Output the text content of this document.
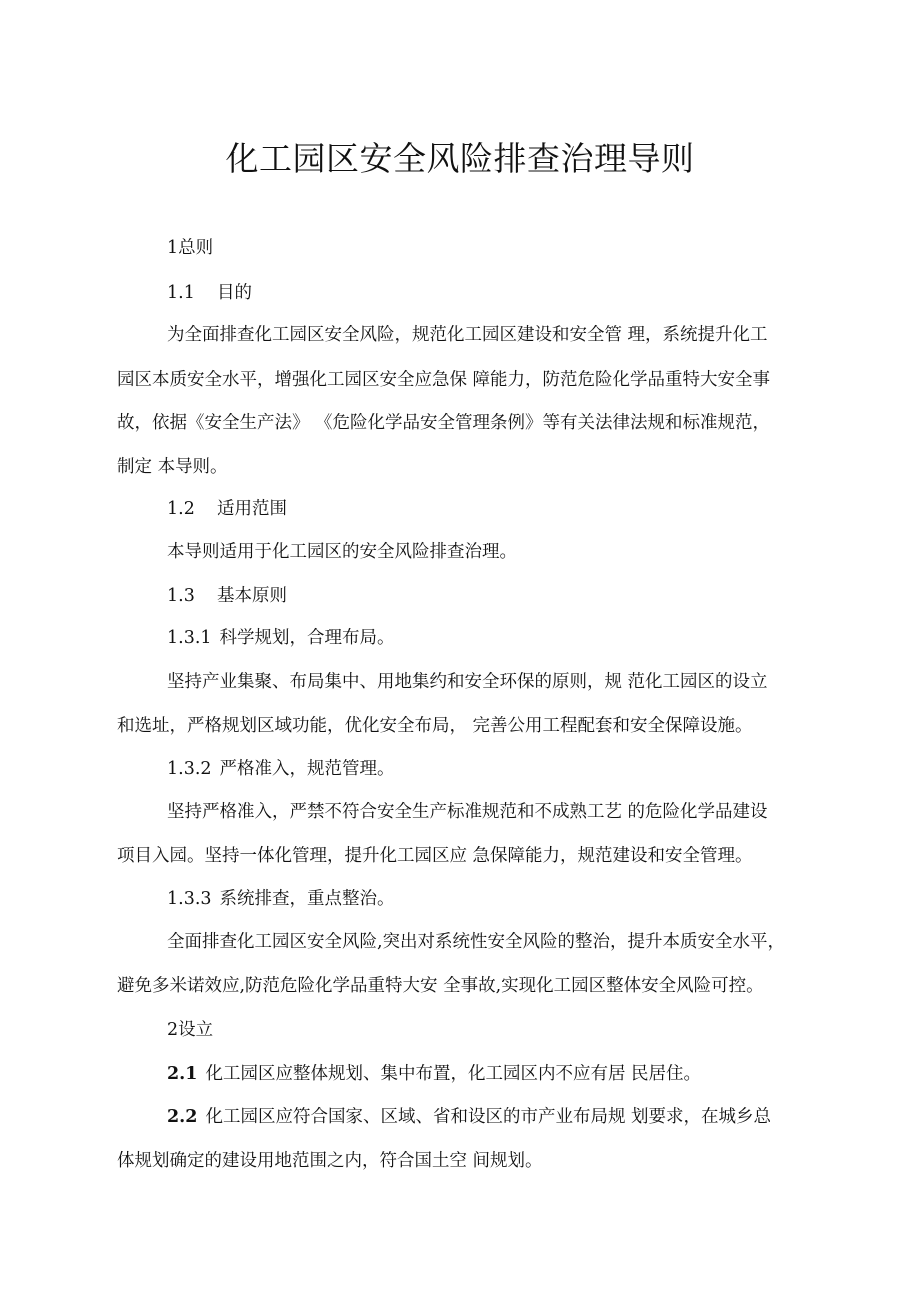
化工园区安全风险排查治理导则
1总则
1.1 目的
为全面排查化工园区安全风险，规范化工园区建设和安全管 理，系统提升化工
园区本质安全水平，增强化工园区安全应急保 障能力，防范危险化学品重特大安全事
故，依据《安全生产法》 《危险化学品安全管理条例》等有关法律法规和标准规范，
制定 本导则。
1.2 适用范围
本导则适用于化工园区的安全风险排查治理。
1.3 基本原则
1.3.1 科学规划，合理布局。
坚持产业集聚、布局集中、用地集约和安全环保的原则，规 范化工园区的设立
和选址，严格规划区域功能，优化安全布局， 完善公用工程配套和安全保障设施。
1.3.2 严格准入，规范管理。
坚持严格准入，严禁不符合安全生产标准规范和不成熟工艺 的危险化学品建设
项目入园。坚持一体化管理，提升化工园区应 急保障能力，规范建设和安全管理。
1.3.3 系统排查，重点整治。
全面排查化工园区安全风险,突出对系统性安全风险的整治，提升本质安全水平，
避免多米诺效应,防范危险化学品重特大安 全事故,实现化工园区整体安全风险可控。
2设立
2.1 化工园区应整体规划、集中布置，化工园区内不应有居 民居住。
2.2 化工园区应符合国家、区域、省和设区的市产业布局规 划要求，在城乡总
体规划确定的建设用地范围之内，符合国土空 间规划。
